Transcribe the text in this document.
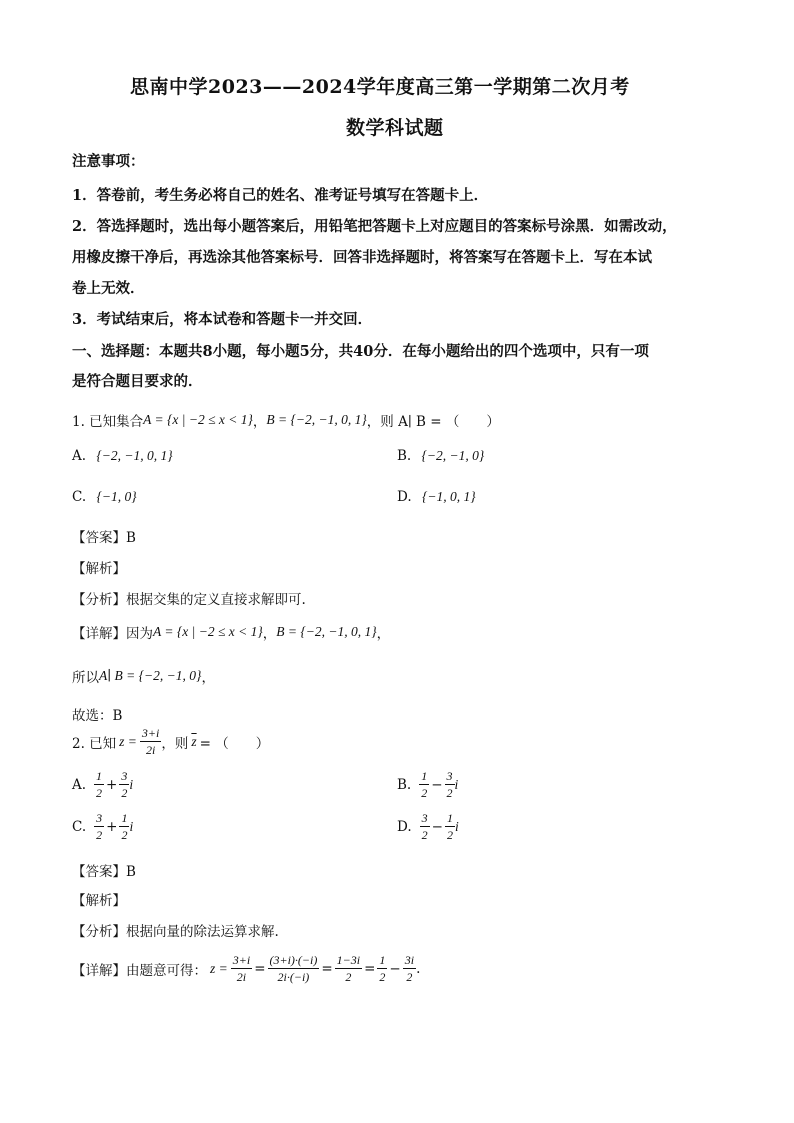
思南中学2023——2024学年度高三第一学期第二次月考
数学科试题
注意事项：
1．答卷前，考生务必将自己的姓名、准考证号填写在答题卡上．
2．答选择题时，选出每小题答案后，用铅笔把答题卡上对应题目的答案标号涂黑．如需改动，
用橡皮擦干净后，再选涂其他答案标号．回答非选择题时，将答案写在答题卡上．写在本试
卷上无效．
3．考试结束后，将本试卷和答题卡一并交回．
一、选择题：本题共8小题，每小题5分，共40分．在每小题给出的四个选项中，只有一项
是符合题目要求的．
1. 已知集合 A = {x | −2 ≤ x < 1} ， B = {−2, −1, 0, 1} ，则 A∣ B = （　　）
A. {−2, −1, 0, 1}	B. {−2, −1, 0}
C. {−1, 0}	D. {−1, 0, 1}
【答案】B
【解析】
【分析】根据交集的定义直接求解即可.
【详解】因为 A = {x | −2 ≤ x < 1} ， B = {−2, −1, 0, 1} ，
所以 A∣ B = {−2, −1, 0} ，
故选：B
2. 已知 $z = \frac{3+i}{2i}$ ，则 $\overline{z}$ = （　　）
A. $\frac{1}{2} + \frac{3}{2}$ i	B. $\frac{1}{2} - \frac{3}{2}$ i
C. $\frac{3}{2} + \frac{1}{2}$ i	D. $\frac{3}{2} - \frac{1}{2}$ i
【答案】B
【解析】
【分析】根据向量的除法运算求解.
【详解】由题意可得： $z = \frac{3+i}{2i} = \frac{(3+i)\cdot(-i)}{2i\cdot(-i)} = \frac{1-3i}{2} = \frac{1}{2} - \frac{3i}{2}$ .
